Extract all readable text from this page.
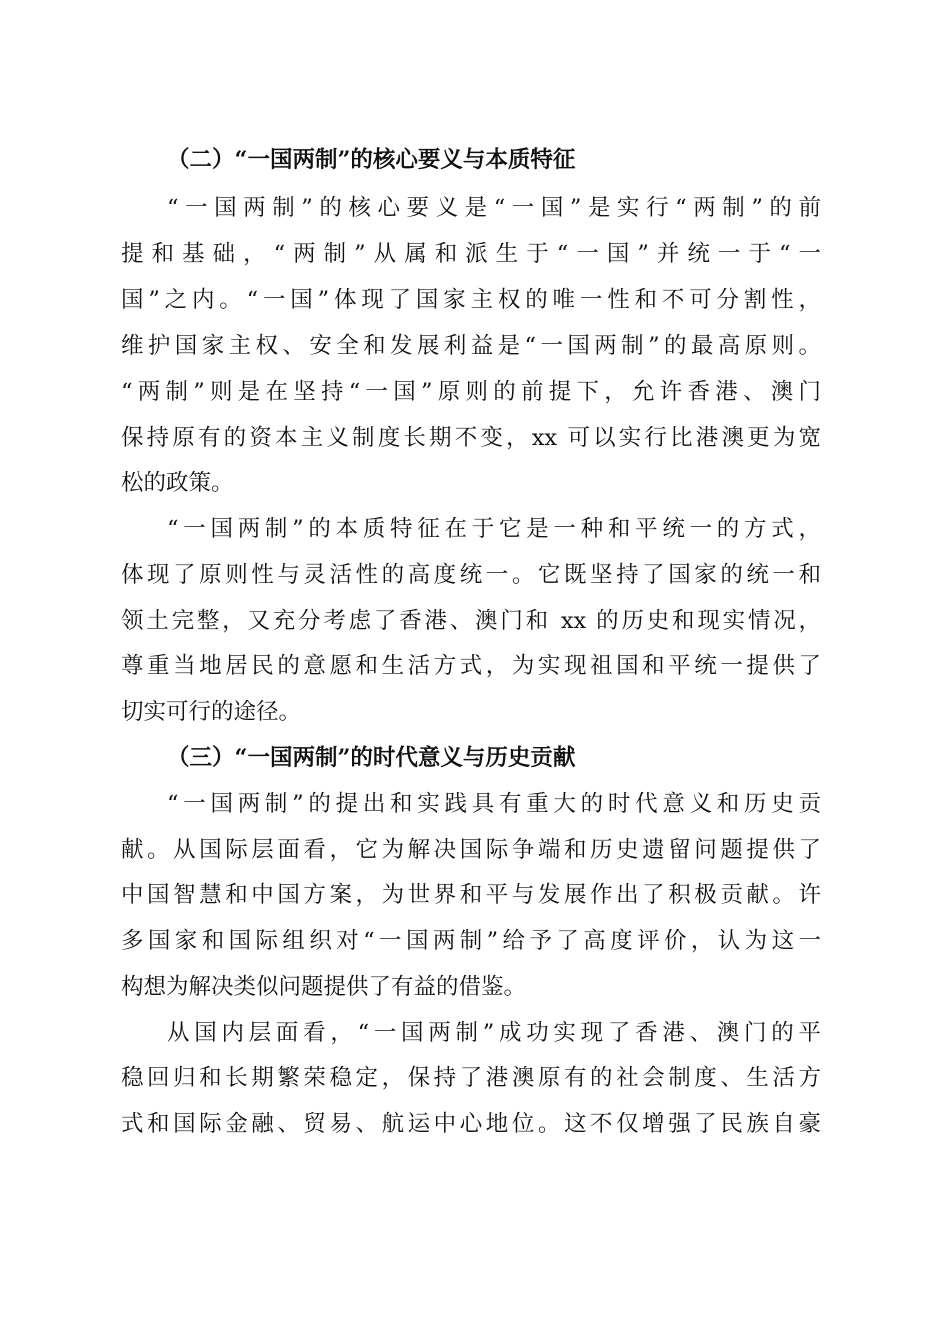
（二）“一国两制”的核心要义与本质特征
“一国两制”的核心要义是“一国”是实行“两制”的前
提和基础，“两制”从属和派生于“一国”并统一于“一
国”之内。“一国”体现了国家主权的唯一性和不可分割性，
维护国家主权、安全和发展利益是“一国两制”的最高原则。
“两制”则是在坚持“一国”原则的前提下，允许香港、澳门
保持原有的资本主义制度长期不变，xx 可以实行比港澳更为宽
松的政策。
“一国两制”的本质特征在于它是一种和平统一的方式，
体现了原则性与灵活性的高度统一。它既坚持了国家的统一和
领土完整，又充分考虑了香港、澳门和 xx 的历史和现实情况，
尊重当地居民的意愿和生活方式，为实现祖国和平统一提供了
切实可行的途径。
（三）“一国两制”的时代意义与历史贡献
“一国两制”的提出和实践具有重大的时代意义和历史贡
献。从国际层面看，它为解决国际争端和历史遗留问题提供了
中国智慧和中国方案，为世界和平与发展作出了积极贡献。许
多国家和国际组织对“一国两制”给予了高度评价，认为这一
构想为解决类似问题提供了有益的借鉴。
从国内层面看，“一国两制”成功实现了香港、澳门的平
稳回归和长期繁荣稳定，保持了港澳原有的社会制度、生活方
式和国际金融、贸易、航运中心地位。这不仅增强了民族自豪
